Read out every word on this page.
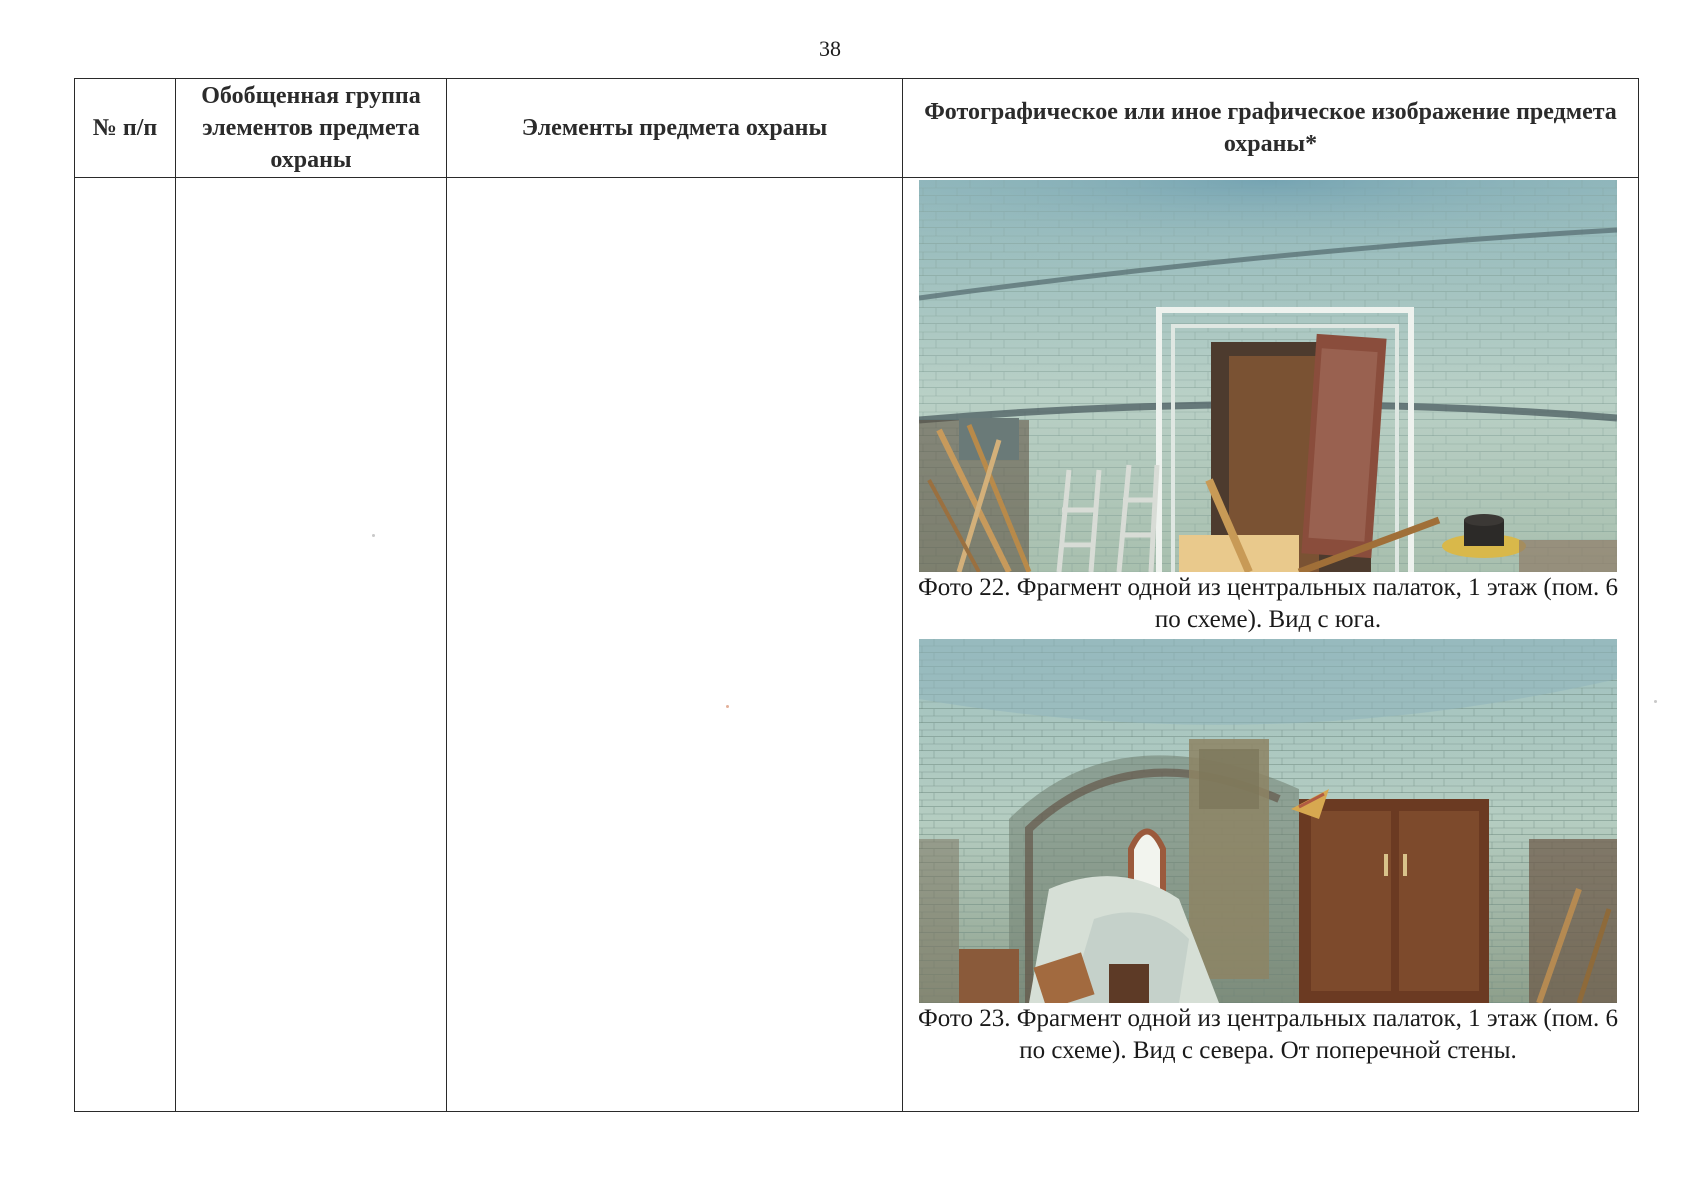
38
№ п/п	Обобщенная группа элементов предмета охраны	Элементы предмета охраны	Фотографическое или иное графическое изображение предмета охраны*

			Фото 22. Фрагмент одной из центральных палаток, 1 этаж (пом. 6 по схеме). Вид с юга.
Фото 23. Фрагмент одной из центральных палаток, 1 этаж (пом. 6 по схеме). Вид с севера. От поперечной стены.
